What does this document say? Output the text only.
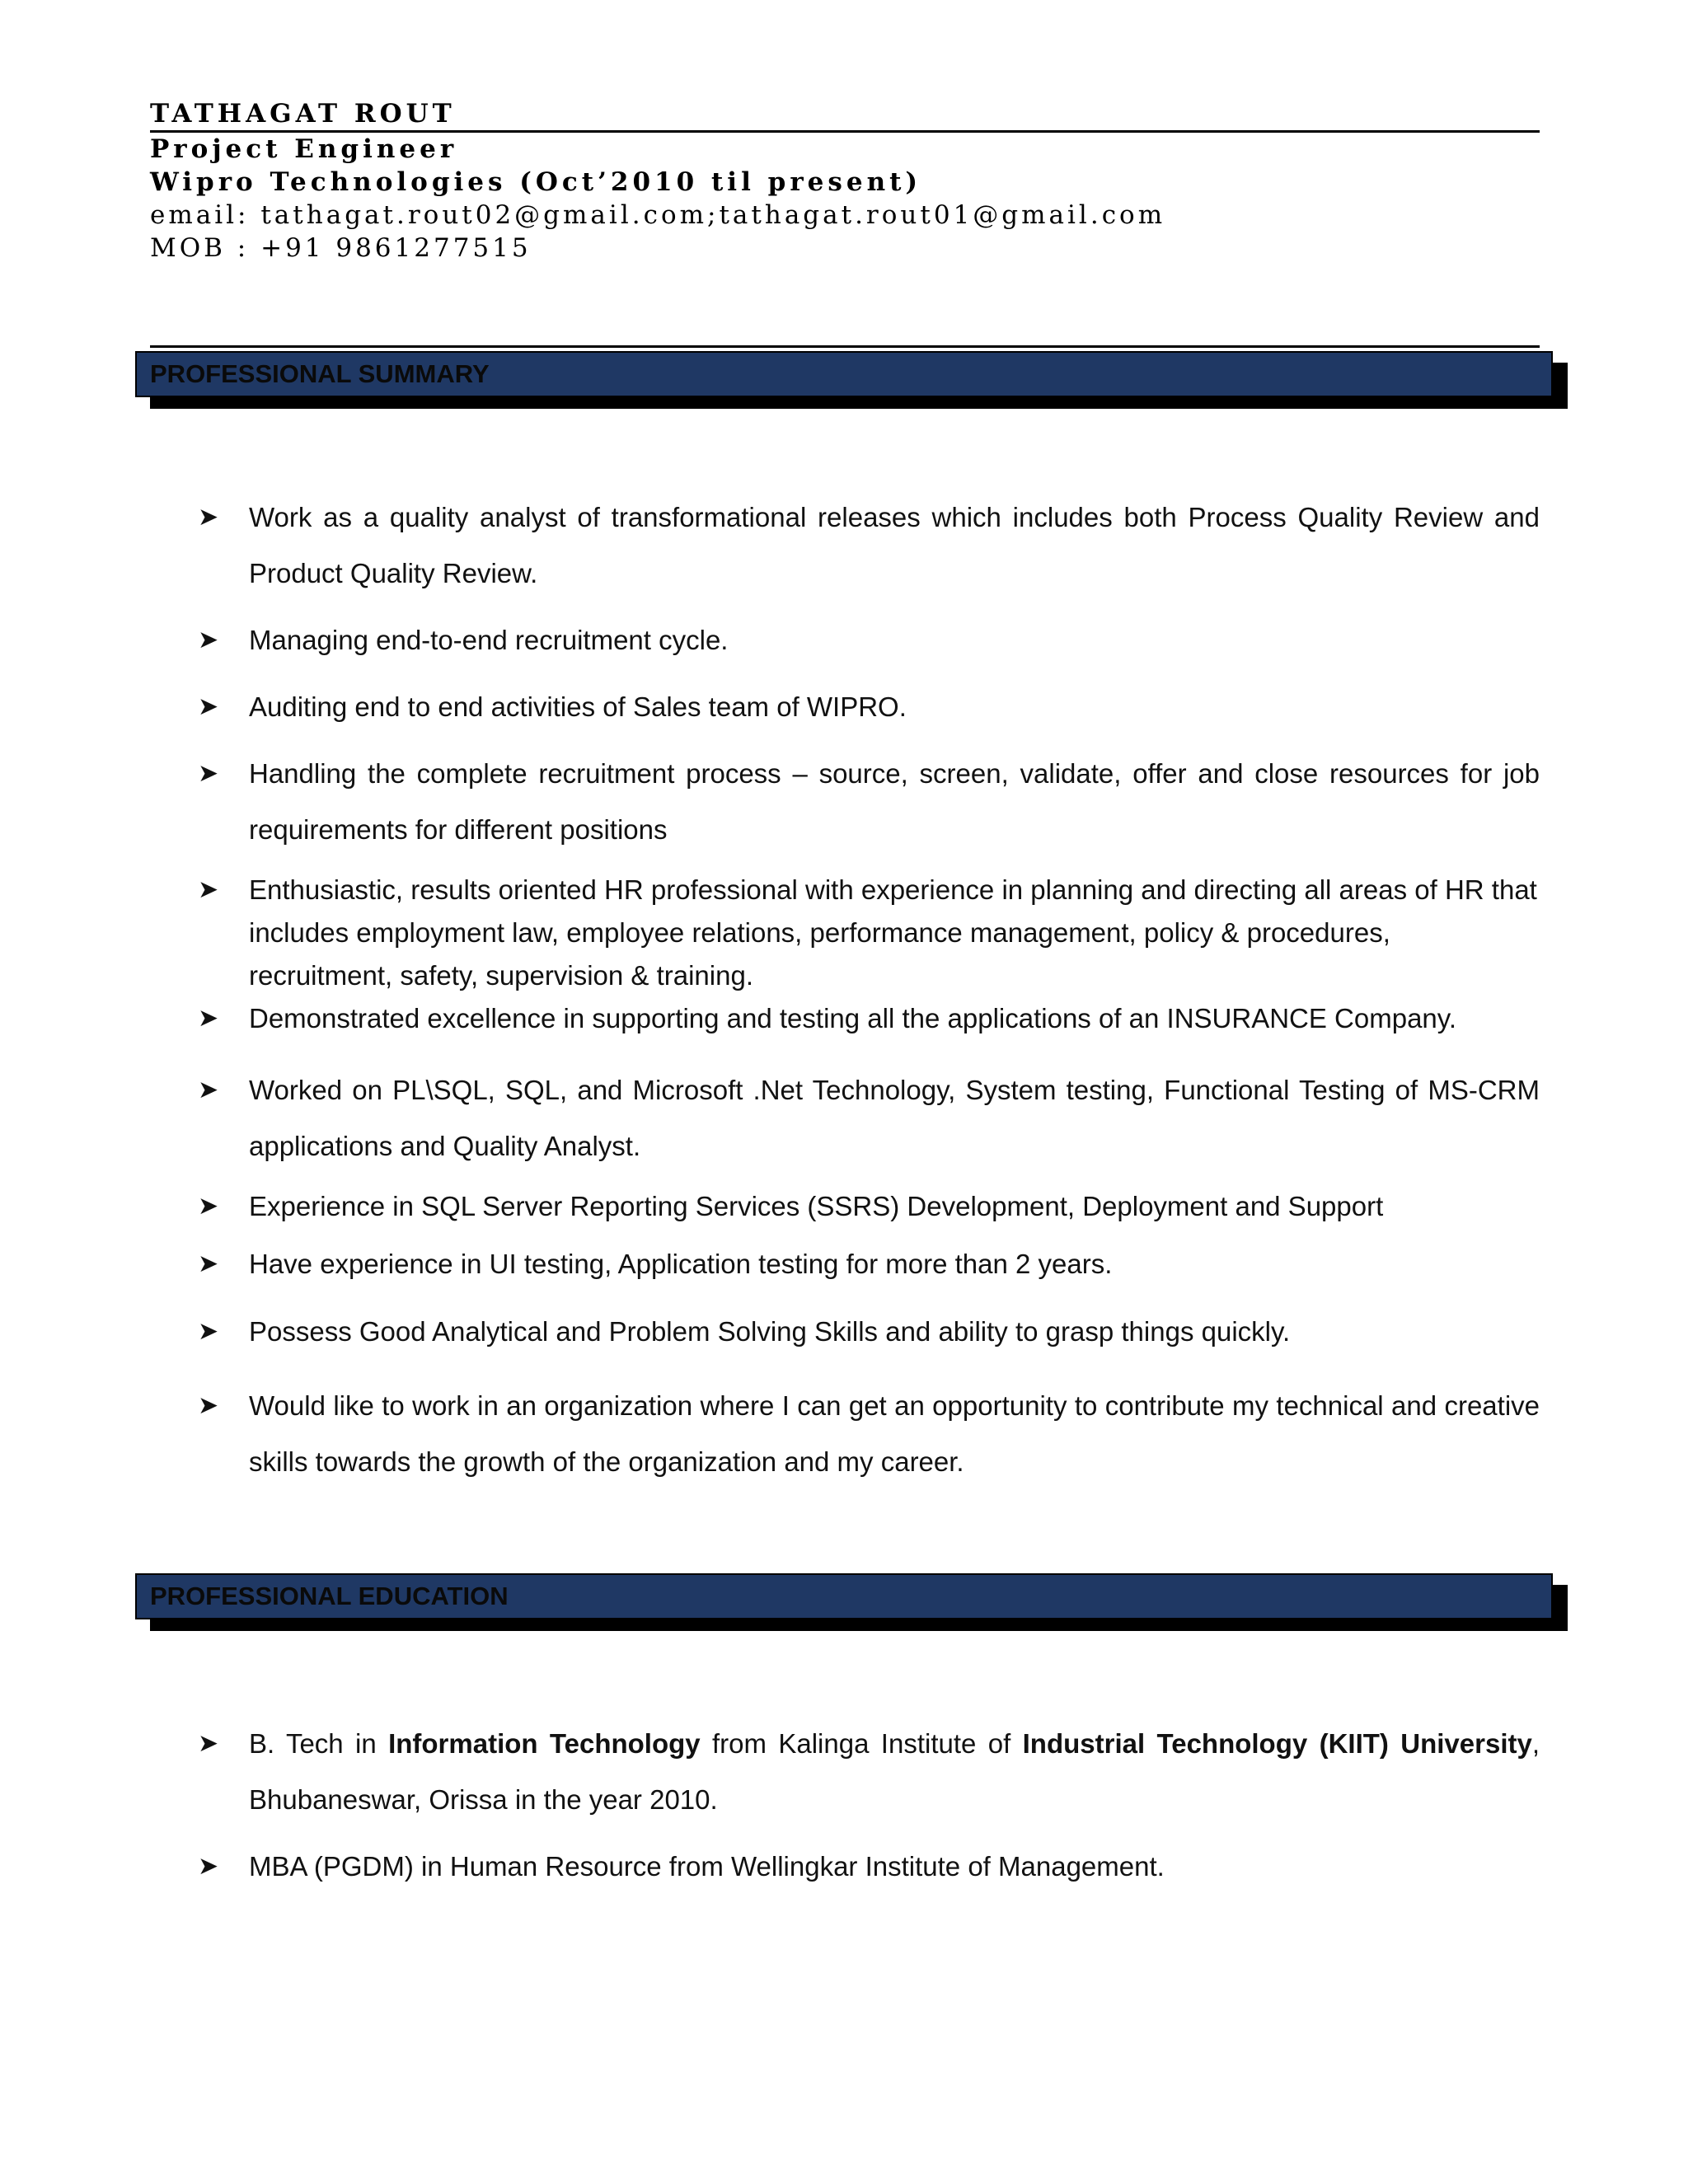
TATHAGAT ROUT
Project Engineer
Wipro Technologies (Oct’2010 til present)
email: tathagat.rout02@gmail.com;tathagat.rout01@gmail.com
MOB : +91 9861277515
PROFESSIONAL SUMMARY
➤	Work as a quality analyst of transformational releases which includes both Process Quality Review and Product Quality Review.
➤	Managing end-to-end recruitment cycle.
➤	Auditing end to end activities of Sales team of WIPRO.
➤	Handling the complete recruitment process – source, screen, validate, offer and close resources for job requirements for different positions
➤	Enthusiastic, results oriented HR professional with experience in planning and directing all areas of HR that includes employment law, employee relations, performance management, policy & procedures, recruitment, safety, supervision & training.
➤	Demonstrated excellence in supporting and testing all the applications of an INSURANCE Company.
➤	Worked on PL\SQL, SQL, and Microsoft .Net Technology, System testing, Functional Testing of MS-CRM applications and Quality Analyst.
➤	Experience in SQL Server Reporting Services (SSRS) Development, Deployment and Support
➤	Have experience in UI testing, Application testing for more than 2 years.
➤	Possess Good Analytical and Problem Solving Skills and ability to grasp things quickly.
➤	Would like to work in an organization where I can get an opportunity to contribute my technical and creative skills towards the growth of the organization and my career.
PROFESSIONAL EDUCATION
➤	B. Tech in Information Technology from Kalinga Institute of Industrial Technology (KIIT) University, Bhubaneswar, Orissa in the year 2010.
➤	MBA (PGDM) in Human Resource from Wellingkar Institute of Management.
